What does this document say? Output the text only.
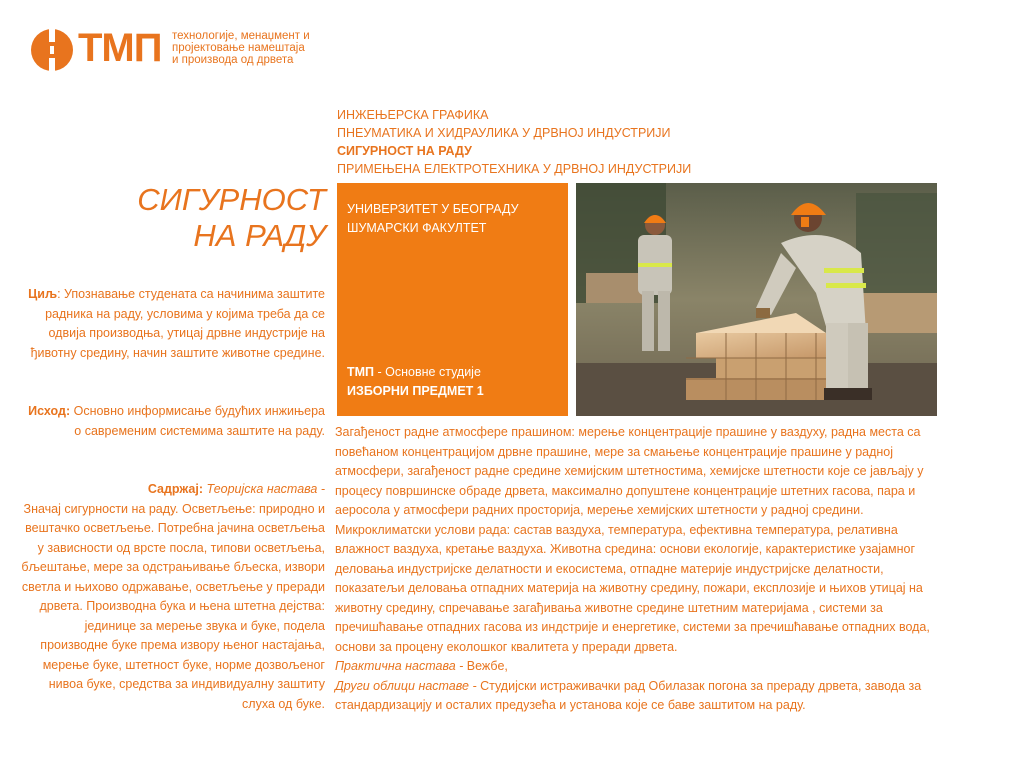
ТМП технологије, менаџмент и
пројектовање намештаја
и производа од дрвета
ИНЖЕЊЕРСКА ГРАФИКА
ПНЕУМАТИКА И ХИДРАУЛИКА У ДРВНОЈ ИНДУСТРИЈИ
СИГУРНОСТ НА РАДУ
ПРИМЕЊЕНА ЕЛЕКТРОТЕХНИКА У ДРВНОЈ ИНДУСТРИЈИ
СИГУРНОСТ
НА РАДУ
Циљ: Упознавање студената са начинима заштите радника на раду, условима у којима треба да се одвија производња, утицај дрвне индустрије на ђивотну средину, начин заштите животне средине.
Исход: Основно информисање будућих инжињера о савременим системима заштите на раду.
Садржај: Теоријска настава -
Значај сигурности на раду. Осветљење: природно и вештачко осветљење. Потребна јачина осветљења у зависности од врсте посла, типови осветљења, бљештање, мере за одстрањивање бљеска, извори светла и њихово одржавање, осветљење у преради дрвета. Производна бука и њена штетна дејства: јединице за мерење звука и буке, подела производне буке према извору њеног настајања, мерење буке, штетност буке, норме дозвољеног нивоа буке, средства за индивидуалну заштиту слуха од буке.
УНИВЕРЗИТЕТ У БЕОГРАДУ
ШУМАРСКИ ФАКУЛТЕТ
ТМП - Основне студије
ИЗБОРНИ ПРЕДМЕТ 1
Загађеност радне атмосфере прашином: мерење концентрације прашине у ваздуху, радна места са повећаном концентрацијом дрвне прашине, мере за смањење концентрације прашине у радној атмосфери, загађеност радне средине хемијским штетностима, хемијске штетности које се јављају у процесу површинске обраде дрвета, максимално допуштене концентрације штетних гасова, пара и аеросола у атмосфери радних просторија, мерење хемијских штетности у радној средини. Микроклиматски услови рада: састав ваздуха, температура, ефективна температура, релативна влажност ваздуха, кретање ваздуха. Животна средина: основи екологије, карактеристике узајамног деловања индустријске делатности и екосистема, отпадне материје индустријске делатности, показатељи деловања отпадних материја на животну средину, пожари, експлозије и њихов утицај на животну средину, спречавање загађивања животне средине штетним материјама , системи за пречишћавање отпадних гасова из индстрије и енергетике, системи за пречишћавање отпадних вода, основи за процену еколошког квалитета у преради дрвета.
Практична настава - Вежбе,
Други облици наставе - Студијски истраживачки рад Обилазак погона за прераду дрвета, завода за стандардизацију и осталих предузећа и установа које се баве заштитом на раду.
